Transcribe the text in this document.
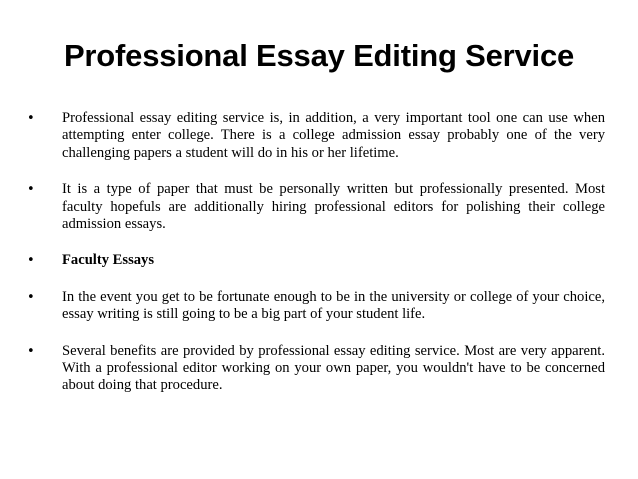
Professional Essay Editing Service
•	Professional essay editing service is, in addition, a very important tool one can use when attempting enter college. There is a college admission essay probably one of the very challenging papers a student will do in his or her lifetime.
•	It is a type of paper that must be personally written but professionally presented. Most faculty hopefuls are additionally hiring professional editors for polishing their college admission essays.
•	Faculty Essays
•	In the event you get to be fortunate enough to be in the university or college of your choice, essay writing is still going to be a big part of your student life.
•	Several benefits are provided by professional essay editing service. Most are very apparent. With a professional editor working on your own paper, you wouldn't have to be concerned about doing that procedure.
